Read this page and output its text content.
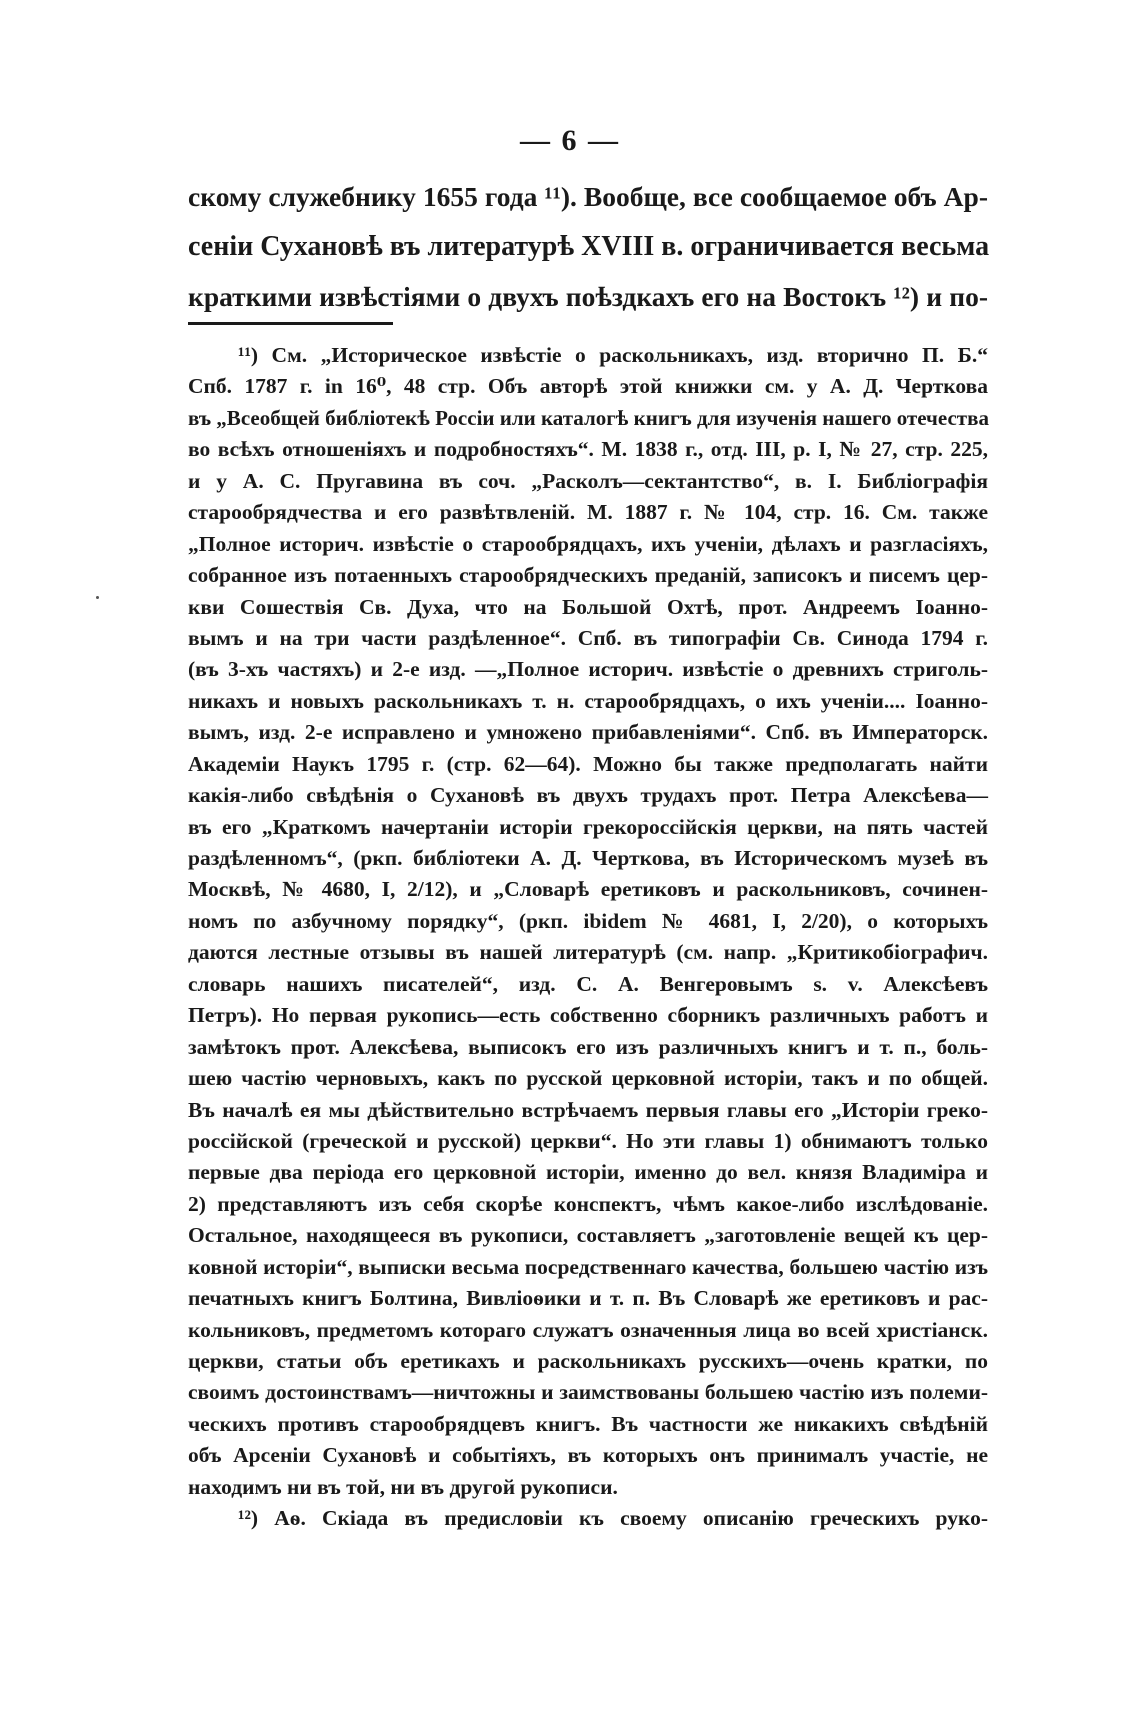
— 6 —
скому служебнику 1655 года ¹¹). Вообще, все сообщаемое объ Ар-
сеніи Сухановѣ въ литературѣ XVIII в. ограничивается весьма
краткими извѣстіями о двухъ поѣздкахъ его на Востокъ ¹²) и по-
¹¹) См. „Историческое извѣстіе о раскольникахъ, изд. вторично П. Б.“
Спб. 1787 г. in 16⁰, 48 стр. Объ авторѣ этой книжки см. у А. Д. Черткова
въ „Всеобщей библіотекѣ Россіи или каталогѣ книгъ для изученія нашего отечества
во всѣхъ отношеніяхъ и подробностяхъ“. М. 1838 г., отд. III, р. I, № 27, стр. 225,
и у А. С. Пругавина въ соч. „Расколъ—сектантство“, в. I. Библіографія
старообрядчества и его развѣтвленій. М. 1887 г. № 104, стр. 16. См. также
„Полное историч. извѣстіе о старообрядцахъ, ихъ ученіи, дѣлахъ и разгласіяхъ,
собранное изъ потаенныхъ старообрядческихъ преданій, записокъ и писемъ цер-
кви Сошествія Св. Духа, что на Большой Охтѣ, прот. Андреемъ Іоанно-
вымъ и на три части раздѣленное“. Спб. въ типографіи Св. Синода 1794 г.
(въ 3-хъ частяхъ) и 2-е изд. —„Полное историч. извѣстіе о древнихъ стриголь-
никахъ и новыхъ раскольникахъ т. н. старообрядцахъ, о ихъ ученіи.... Іоанно-
вымъ, изд. 2-е исправлено и умножено прибавленіями“. Спб. въ Императорск.
Академіи Наукъ 1795 г. (стр. 62—64). Можно бы также предполагать найти
какія-либо свѣдѣнія о Сухановѣ въ двухъ трудахъ прот. Петра Алексѣева—
въ его „Краткомъ начертаніи исторіи грекороссійскія церкви, на пять частей
раздѣленномъ“, (ркп. библіотеки А. Д. Черткова, въ Историческомъ музеѣ въ
Москвѣ, № 4680, I, 2/12), и „Словарѣ еретиковъ и раскольниковъ, сочинен-
номъ по азбучному порядку“, (ркп. ibidem № 4681, I, 2/20), о которыхъ
даются лестные отзывы въ нашей литературѣ (см. напр. „Критикобіографич.
словарь нашихъ писателей“, изд. С. А. Венгеровымъ s. v. Алексѣевъ
Петръ). Но первая рукопись—есть собственно сборникъ различныхъ работъ и
замѣтокъ прот. Алексѣева, выписокъ его изъ различныхъ книгъ и т. п., боль-
шею частію черновыхъ, какъ по русской церковной исторіи, такъ и по общей.
Въ началѣ ея мы дѣйствительно встрѣчаемъ первыя главы его „Исторіи греко-
россійской (греческой и русской) церкви“. Но эти главы 1) обнимаютъ только
первые два періода его церковной исторіи, именно до вел. князя Владиміра и
2) представляютъ изъ себя скорѣе конспектъ, чѣмъ какое-либо изслѣдованіе.
Остальное, находящееся въ рукописи, составляетъ „заготовленіе вещей къ цер-
ковной исторіи“, выписки весьма посредственнаго качества, большею частію изъ
печатныхъ книгъ Болтина, Вивліоѳики и т. п. Въ Словарѣ же еретиковъ и рас-
кольниковъ, предметомъ котораго служатъ означенныя лица во всей христіанск.
церкви, статьи объ еретикахъ и раскольникахъ русскихъ—очень кратки, по
своимъ достоинствамъ—ничтожны и заимствованы большею частію изъ полеми-
ческихъ противъ старообрядцевъ книгъ. Въ частности же никакихъ свѣдѣній
объ Арсеніи Сухановѣ и событіяхъ, въ которыхъ онъ принималъ участіе, не
находимъ ни въ той, ни въ другой рукописи.
¹²) Аѳ. Скіада въ предисловіи къ своему описанію греческихъ руко-
